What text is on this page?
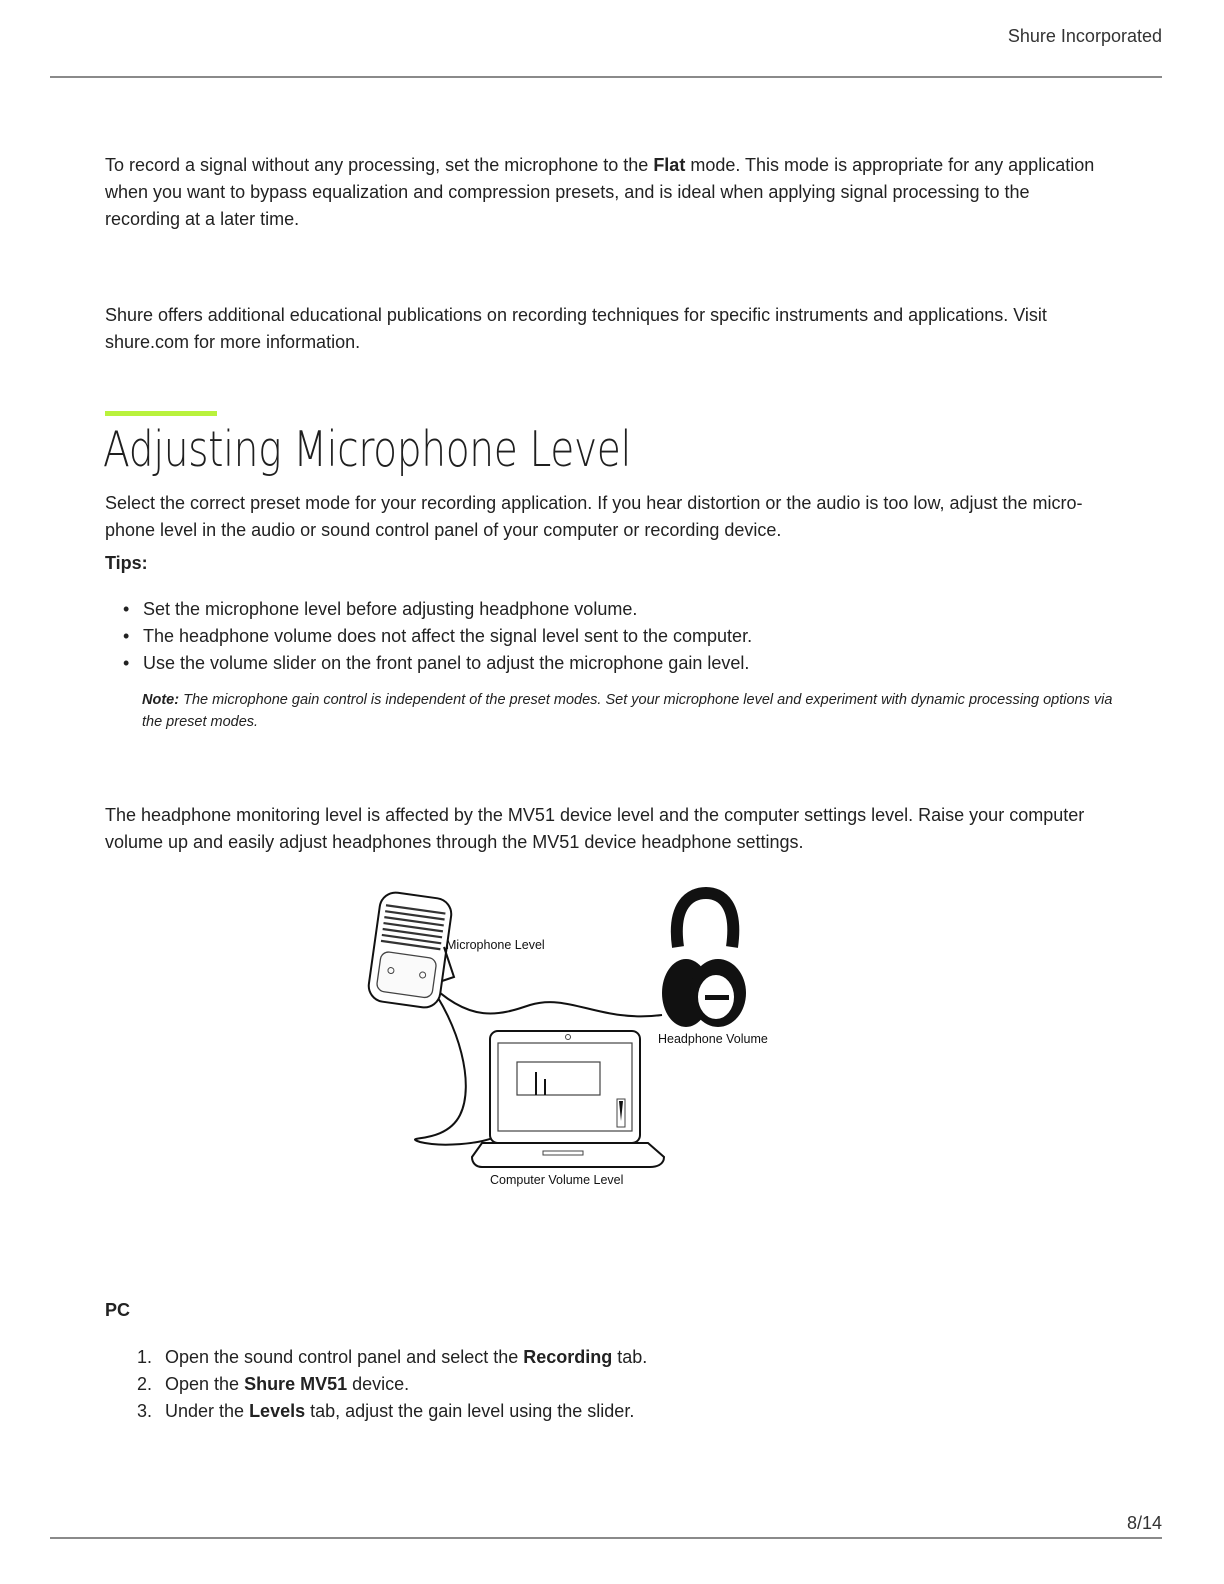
Shure Incorporated

To record a signal without any processing, set the microphone to the Flat mode. This mode is appropriate for any application when you want to bypass equalization and compression presets, and is ideal when applying signal processing to the recording at a later time.

Shure offers additional educational publications on recording techniques for specific instruments and applications. Visit shure.com for more information.

Adjusting Microphone Level

Select the correct preset mode for your recording application. If you hear distortion or the audio is too low, adjust the micro-phone level in the audio or sound control panel of your computer or recording device.

Tips:
• Set the microphone level before adjusting headphone volume.
• The headphone volume does not affect the signal level sent to the computer.
• Use the volume slider on the front panel to adjust the microphone gain level.
Note: The microphone gain control is independent of the preset modes. Set your microphone level and experiment with dynamic processing options via the preset modes.

The headphone monitoring level is affected by the MV51 device level and the computer settings level. Raise your computer volume up and easily adjust headphones through the MV51 device headphone settings.

Microphone Level
Headphone Volume
Computer Volume Level
PC
1. Open the sound control panel and select the Recording tab.
2. Open the Shure MV51 device.
3. Under the Levels tab, adjust the gain level using the slider.
8/14
